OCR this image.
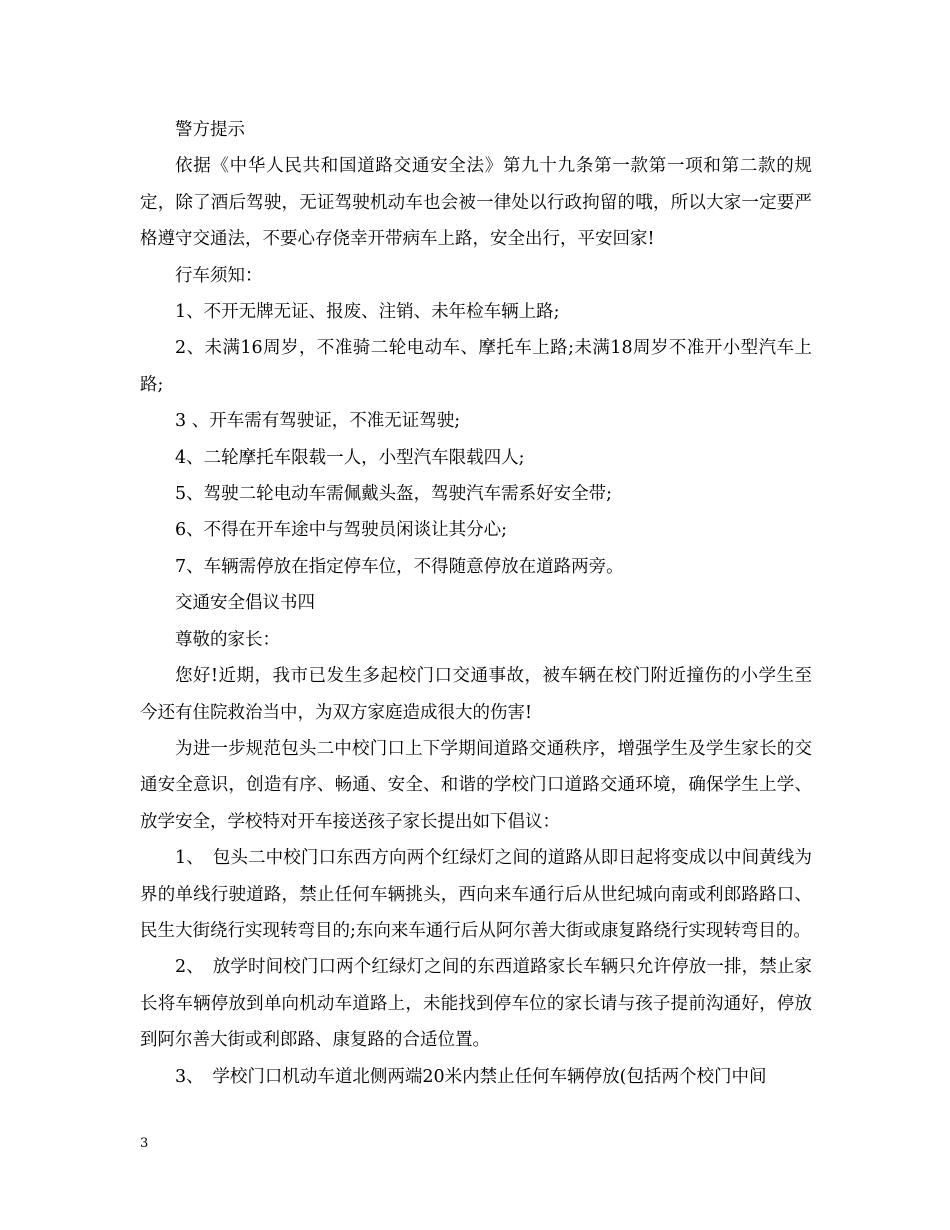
警方提示

依据《中华人民共和国道路交通安全法》第九十九条第一款第一项和第二款的规定，除了酒后驾驶，无证驾驶机动车也会被一律处以行政拘留的哦，所以大家一定要严格遵守交通法，不要心存侥幸开带病车上路，安全出行，平安回家!

行车须知：

1、不开无牌无证、报废、注销、未年检车辆上路;

2、未满16周岁，不准骑二轮电动车、摩托车上路;未满18周岁不准开小型汽车上路;

3 、开车需有驾驶证，不准无证驾驶;

4、二轮摩托车限载一人，小型汽车限载四人;

5、驾驶二轮电动车需佩戴头盔，驾驶汽车需系好安全带;

6、不得在开车途中与驾驶员闲谈让其分心;

7、车辆需停放在指定停车位，不得随意停放在道路两旁。

交通安全倡议书四

尊敬的家长：

您好!近期，我市已发生多起校门口交通事故，被车辆在校门附近撞伤的小学生至今还有住院救治当中，为双方家庭造成很大的伤害!

为进一步规范包头二中校门口上下学期间道路交通秩序，增强学生及学生家长的交通安全意识，创造有序、畅通、安全、和谐的学校门口道路交通环境，确保学生上学、放学安全，学校特对开车接送孩子家长提出如下倡议：

1、　包头二中校门口东西方向两个红绿灯之间的道路从即日起将变成以中间黄线为界的单线行驶道路，禁止任何车辆挑头，西向来车通行后从世纪城向南或利郎路路口、民生大街绕行实现转弯目的;东向来车通行后从阿尔善大街或康复路绕行实现转弯目的。

2、　放学时间校门口两个红绿灯之间的东西道路家长车辆只允许停放一排，禁止家长将车辆停放到单向机动车道路上，未能找到停车位的家长请与孩子提前沟通好，停放到阿尔善大街或利郎路、康复路的合适位置。

3、　学校门口机动车道北侧两端20米内禁止任何车辆停放(包括两个校门中间

3
